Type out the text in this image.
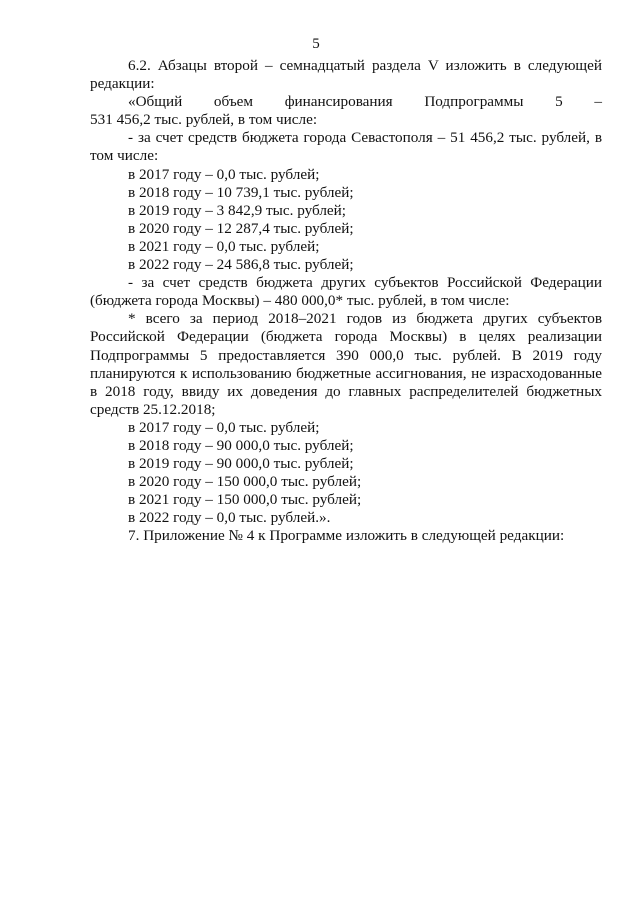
5

6.2. Абзацы второй – семнадцатый раздела V изложить в следующей редакции:

«Общий объем финансирования Подпрограммы 5 –

531 456,2 тыс. рублей, в том числе:

- за счет средств бюджета города Севастополя – 51 456,2 тыс. рублей, в том числе:

в 2017 году – 0,0 тыс. рублей;

в 2018 году – 10 739,1 тыс. рублей;

в 2019 году – 3 842,9 тыс. рублей;

в 2020 году – 12 287,4 тыс. рублей;

в 2021 году – 0,0 тыс. рублей;

в 2022 году – 24 586,8 тыс. рублей;

- за счет средств бюджета других субъектов Российской Федерации (бюджета города Москвы) – 480 000,0* тыс. рублей, в том числе:

* всего за период 2018–2021 годов из бюджета других субъектов Российской Федерации (бюджета города Москвы) в целях реализации Подпрограммы 5 предоставляется 390 000,0 тыс. рублей. В 2019 году планируются к использованию бюджетные ассигнования, не израсходованные в 2018 году, ввиду их доведения до главных распределителей бюджетных средств 25.12.2018;

в 2017 году – 0,0 тыс. рублей;

в 2018 году – 90 000,0 тыс. рублей;

в 2019 году – 90 000,0 тыс. рублей;

в 2020 году – 150 000,0 тыс. рублей;

в 2021 году – 150 000,0 тыс. рублей;

в 2022 году – 0,0 тыс. рублей.».

7. Приложение № 4 к Программе изложить в следующей редакции:
